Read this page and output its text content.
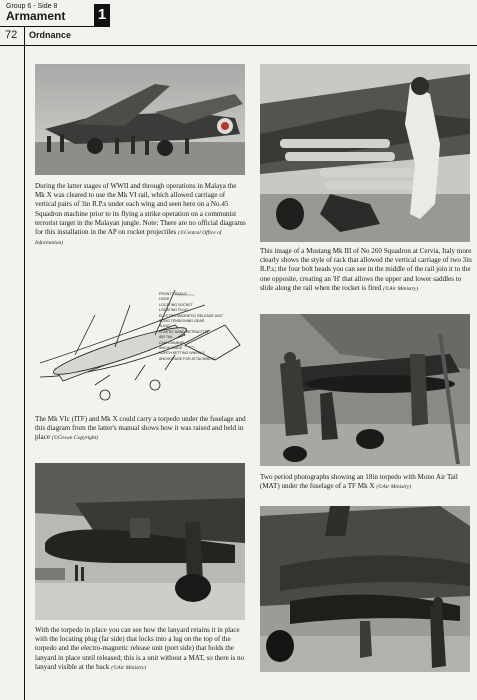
Group 6 - Side 8
Armament 1
72 Ordnance
During the latter stages of WWII and through operations in Malaya the Mk X was cleared to use the Mk VI rail, which allowed carriage of vertical pairs of 3in R.P.s under each wing and seen here on a No.45 Squadron machine prior to its flying a strike operation on a communist terrorist target in the Malayan jungle. Note: There are no official diagrams for this installation in the AP on rocket projectiles (©Central Office of Information)
This image of a Mustang Mk III of No 260 Squadron at Cervia, Italy more clearly shows the style of rack that allowed the vertical carriage of two 3in R.P.s; the four bolt heads you can see in the middle of the rail join it to the one opposite, creating an 'H' that allows the upper and lower saddles to slide along the rail when the rocket is fired (©Air Ministry)
FRONT CRADLE
HOOK
LOCATING SOCKET
LOCATING PLUG
ELECTRO-MAGNETIC RELEASE UNIT
SLING TENSIONING GEAR
SLING
ELASTIC BAND RETRACTOR
AIR TAIL
CAM CHANNEL
ANCHORAGE
NORTH SETTING WHEELS
ANCHORAGE FOR ATTACHMENT
The Mk VIc (ITF) and Mk X could carry a torpedo under the fuselage and this diagram from the latter's manual shows how it was raised and held in place (©Crown Copyright)
Two period photographs showing an 18in torpedo with Mono Air Tail (MAT) under the fuselage of a TF Mk X (©Air Ministry)
With the torpedo in place you can see how the lanyard retains it in place with the locating plug (far side) that locks into a lug on the top of the torpedo and the electro-magnetic release unit (port side) that holds the lanyard in place until released; this is a unit without a MAT, so there is no lanyard visible at the back (©Air Ministry)
